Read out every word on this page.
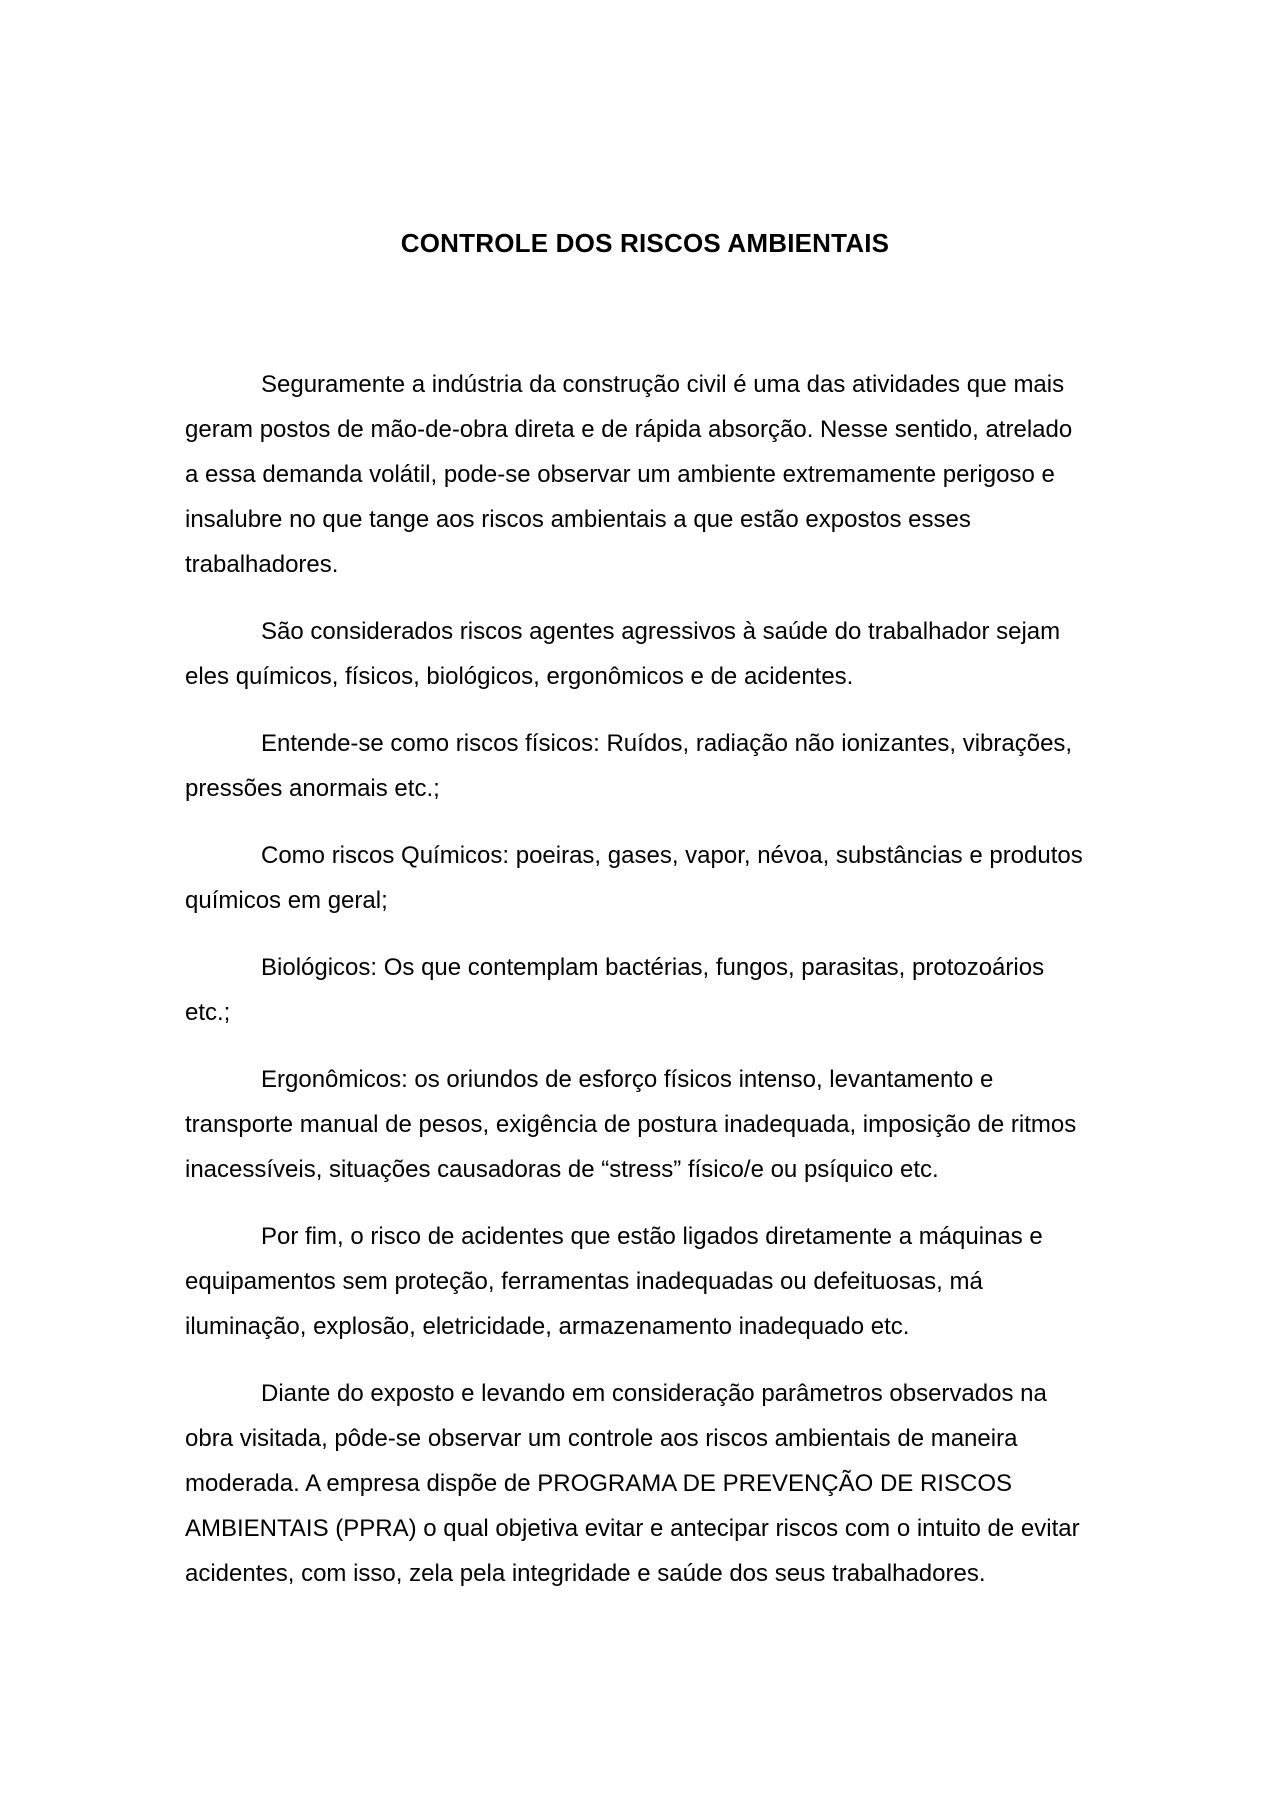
CONTROLE DOS RISCOS AMBIENTAIS

Seguramente a indústria da construção civil é uma das atividades que mais geram postos de mão-de-obra direta e de rápida absorção. Nesse sentido, atrelado a essa demanda volátil, pode-se observar um ambiente extremamente perigoso e insalubre no que tange aos riscos ambientais a que estão expostos esses trabalhadores.

São considerados riscos agentes agressivos à saúde do trabalhador sejam eles químicos, físicos, biológicos, ergonômicos e de acidentes.

Entende-se como riscos físicos: Ruídos, radiação não ionizantes, vibrações, pressões anormais etc.;

Como riscos Químicos: poeiras, gases, vapor, névoa, substâncias e produtos químicos em geral;

Biológicos: Os que contemplam bactérias, fungos, parasitas, protozoários etc.;

Ergonômicos: os oriundos de esforço físicos intenso, levantamento e transporte manual de pesos, exigência de postura inadequada, imposição de ritmos inacessíveis, situações causadoras de “stress” físico/e ou psíquico etc.

Por fim, o risco de acidentes que estão ligados diretamente a máquinas e equipamentos sem proteção, ferramentas inadequadas ou defeituosas, má iluminação, explosão, eletricidade, armazenamento inadequado etc.

Diante do exposto e levando em consideração parâmetros observados na obra visitada, pôde-se observar um controle aos riscos ambientais de maneira moderada. A empresa dispõe de PROGRAMA DE PREVENÇÃO DE RISCOS AMBIENTAIS (PPRA) o qual objetiva evitar e antecipar riscos com o intuito de evitar acidentes, com isso, zela pela integridade e saúde dos seus trabalhadores.
